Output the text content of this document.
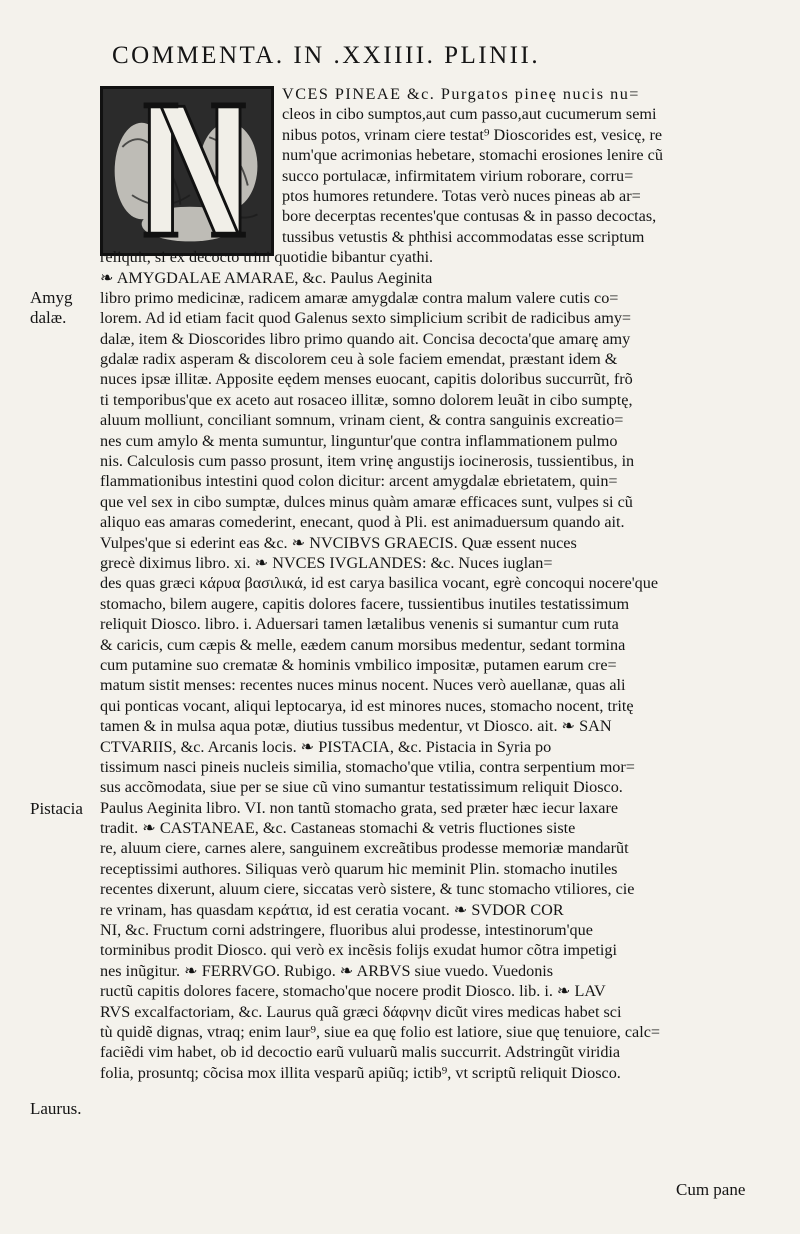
COMMENTA. IN .XXIIII. PLINII.
VCES PINEAE &c. Purgatos pineę nucis nu=
cleos in cibo sumptos,aut cum passo,aut cucumerum semi
nibus potos, vrinam ciere testat⁹ Dioscorides est, vesicę, re
num'que acrimonias hebetare, stomachi erosiones lenire cũ
succo portulacæ, infirmitatem virium roborare, corru=
ptos humores retundere. Totas verò nuces pineas ab ar=
bore decerptas recentes'que contusas & in passo decoctas,
tussibus vetustis & phthisi accommodatas esse scriptum
reliquit, si ex decocto trini quotidie bibantur cyathi.
❧ AMYGDALAE AMARAE, &c. Paulus Aeginita
libro primo medicinæ, radicem amaræ amygdalæ contra malum valere cutis co=
lorem. Ad id etiam facit quod Galenus sexto simplicium scribit de radicibus amy=
dalæ, item & Dioscorides libro primo quando ait. Concisa decocta'que amarę amy
gdalæ radix asperam & discolorem ceu à sole faciem emendat, præstant idem &
nuces ipsæ illitæ. Apposite eędem menses euocant, capitis doloribus succurrũt, frõ
ti temporibus'que ex aceto aut rosaceo illitæ, somno dolorem leuãt in cibo sumptę,
aluum molliunt, conciliant somnum, vrinam cient, & contra sanguinis excreatio=
nes cum amylo & menta sumuntur, linguntur'que contra inflammationem pulmo
nis. Calculosis cum passo prosunt, item vrinę angustijs iocinerosis, tussientibus, in
flammationibus intestini quod colon dicitur: arcent amygdalæ ebrietatem, quin=
que vel sex in cibo sumptæ, dulces minus quàm amaræ efficaces sunt, vulpes si cũ
aliquo eas amaras comederint, enecant, quod à Pli. est animaduersum quando ait.
Vulpes'que si ederint eas &c. ❧ NVCIBVS GRAECIS. Quæ essent nuces
grecè diximus libro. xi. ❧ NVCES IVGLANDES: &c. Nuces iuglan=
des quas græci κάρυα βασιλικά, id est carya basilica vocant, egrè concoqui nocere'que
stomacho, bilem augere, capitis dolores facere, tussientibus inutiles testatissimum
reliquit Diosco. libro. i. Aduersari tamen lætalibus venenis si sumantur cum ruta
& caricis, cum cæpis & melle, eædem canum morsibus medentur, sedant tormina
cum putamine suo crematæ & hominis vmbilico impositæ, putamen earum cre=
matum sistit menses: recentes nuces minus nocent. Nuces verò auellanæ, quas ali
qui ponticas vocant, aliqui leptocarya, id est minores nuces, stomacho nocent, tritę
tamen & in mulsa aqua potæ, diutius tussibus medentur, vt Diosco. ait. ❧ SAN
CTVARIIS, &c. Arcanis locis. ❧ PISTACIA, &c. Pistacia in Syria po
tissimum nasci pineis nucleis similia, stomacho'que vtilia, contra serpentium mor=
sus accõmodata, siue per se siue cũ vino sumantur testatissimum reliquit Diosco.
Paulus Aeginita libro. VI. non tantũ stomacho grata, sed præter hæc iecur laxare
tradit. ❧ CASTANEAE, &c. Castaneas stomachi & vetris fluctiones siste
re, aluum ciere, carnes alere, sanguinem excreãtibus prodesse memoriæ mandarũt
receptissimi authores. Siliquas verò quarum hic meminit Plin. stomacho inutiles
recentes dixerunt, aluum ciere, siccatas verò sistere, & tunc stomacho vtiliores, cie
re vrinam, has quasdam κεράτια, id est ceratia vocant. ❧ SVDOR COR
NI, &c. Fructum corni adstringere, fluoribus alui prodesse, intestinorum'que
torminibus prodit Diosco. qui verò ex incẽsis folijs exudat humor cõtra impetigi
nes inũgitur. ❧ FERRVGO. Rubigo. ❧ ARBVS siue vuedo. Vuedonis
ructũ capitis dolores facere, stomacho'que nocere prodit Diosco. lib. i. ❧ LAV
RVS excalfactoriam, &c. Laurus quã græci δάφνην dicũt vires medicas habet sci
tù quidẽ dignas, vtraq; enim laur⁹, siue ea quę folio est latiore, siue quę tenuiore, calc=
faciẽdi vim habet, ob id decoctio earũ vuluarũ malis succurrit. Adstringũt viridia
folia, prosuntq; cõcisa mox illita vesparũ apiũq; ictib⁹, vt scriptũ reliquit Diosco.
Amyg dalæ.
Pistacia
Laurus.
Cum pane
